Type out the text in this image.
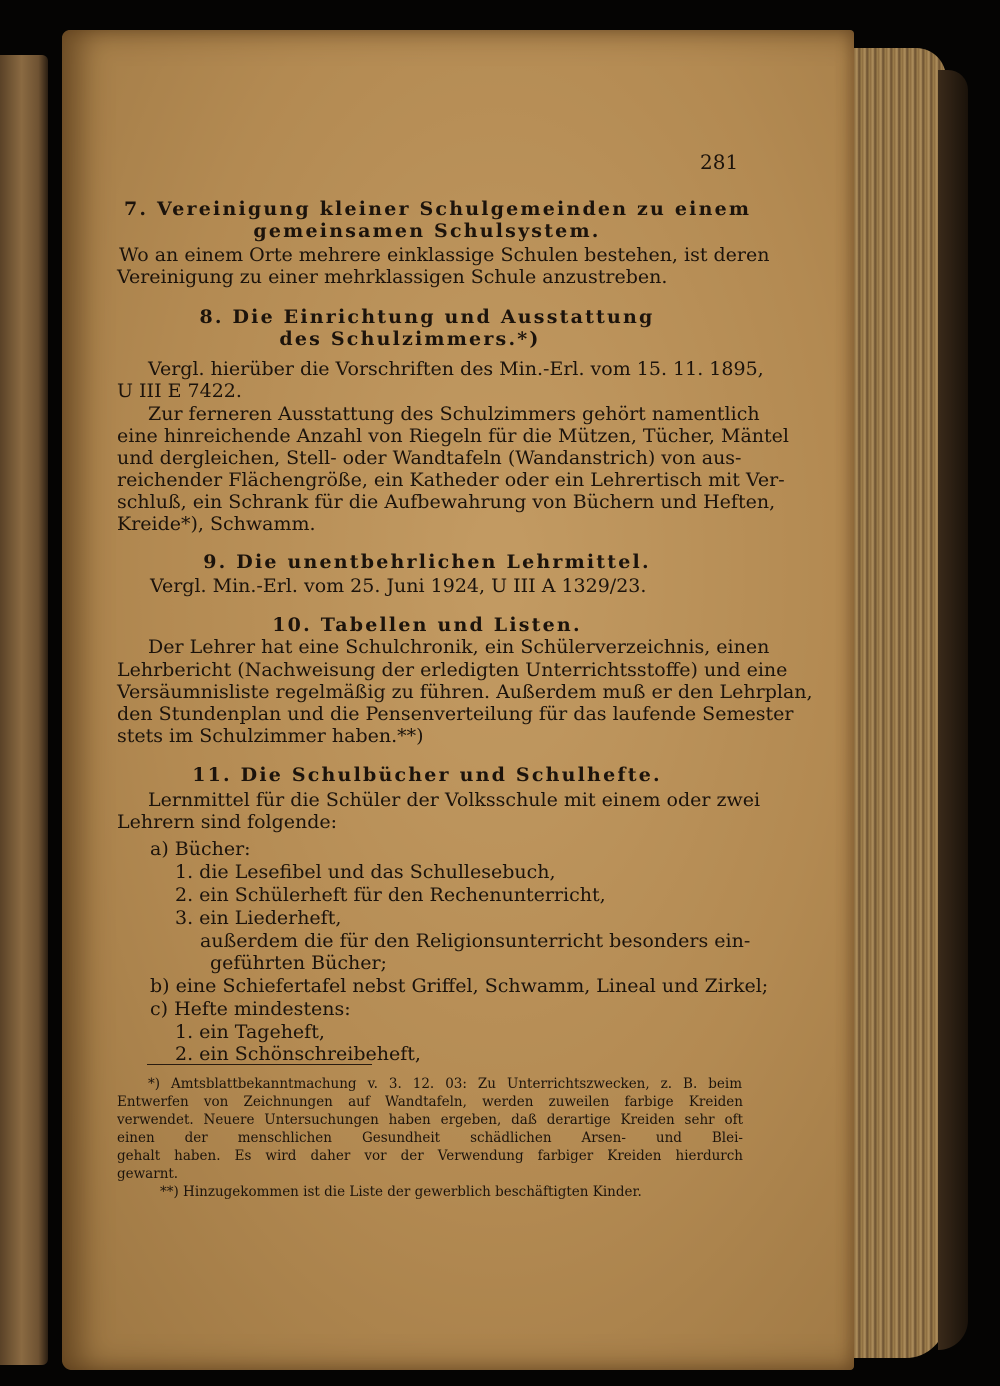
281
7. Vereinigung kleiner Schulgemeinden zu einem
gemeinsamen Schulsystem.
Wo an einem Orte mehrere einklassige Schulen bestehen, ist deren
Vereinigung zu einer mehrklassigen Schule anzustreben.
8. Die Einrichtung und Ausstattung
des Schulzimmers.*)
Vergl. hierüber die Vorschriften des Min.-Erl. vom 15. 11. 1895,
U III E 7422.
Zur ferneren Ausstattung des Schulzimmers gehört namentlich
eine hinreichende Anzahl von Riegeln für die Mützen, Tücher, Mäntel
und dergleichen, Stell- oder Wandtafeln (Wandanstrich) von aus-
reichender Flächengröße, ein Katheder oder ein Lehrertisch mit Ver-
schluß, ein Schrank für die Aufbewahrung von Büchern und Heften,
Kreide*), Schwamm.
9. Die unentbehrlichen Lehrmittel.
Vergl. Min.-Erl. vom 25. Juni 1924, U III A 1329/23.
10. Tabellen und Listen.
Der Lehrer hat eine Schulchronik, ein Schülerverzeichnis, einen
Lehrbericht (Nachweisung der erledigten Unterrichtsstoffe) und eine
Versäumnisliste regelmäßig zu führen. Außerdem muß er den Lehrplan,
den Stundenplan und die Pensenverteilung für das laufende Semester
stets im Schulzimmer haben.**)
11. Die Schulbücher und Schulhefte.
Lernmittel für die Schüler der Volksschule mit einem oder zwei
Lehrern sind folgende:
a) Bücher:
1. die Lesefibel und das Schullesebuch,
2. ein Schülerheft für den Rechenunterricht,
3. ein Liederheft,
außerdem die für den Religionsunterricht besonders ein-
geführten Bücher;
b) eine Schiefertafel nebst Griffel, Schwamm, Lineal und Zirkel;
c) Hefte mindestens:
1. ein Tageheft,
2. ein Schönschreibeheft,
*) Amtsblattbekanntmachung v. 3. 12. 03: Zu Unterrichtszwecken, z. B. beim
Entwerfen von Zeichnungen auf Wandtafeln, werden zuweilen farbige Kreiden
verwendet. Neuere Untersuchungen haben ergeben, daß derartige Kreiden sehr oft
einen der menschlichen Gesundheit schädlichen Arsen- und Blei-
gehalt haben. Es wird daher vor der Verwendung farbiger Kreiden hierdurch
gewarnt.
**) Hinzugekommen ist die Liste der gewerblich beschäftigten Kinder.
